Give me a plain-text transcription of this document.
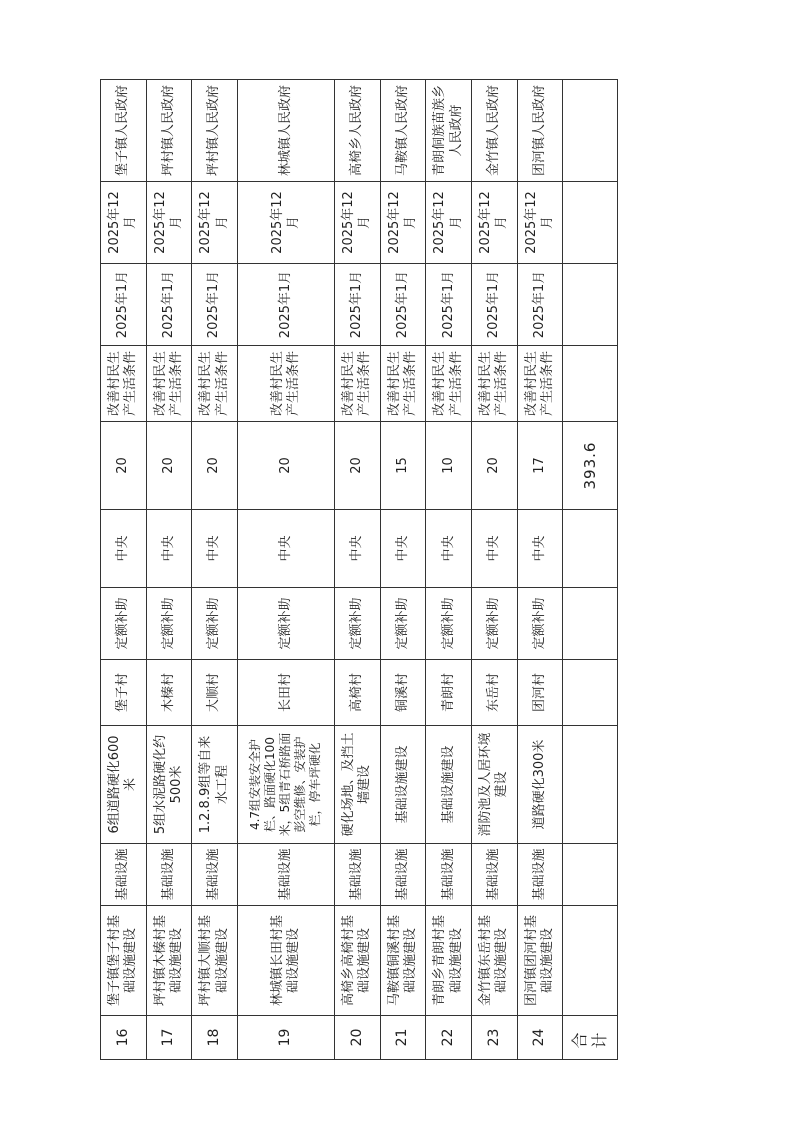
16	堡子镇堡子村基础设施建设	基础设施	6组道路硬化600米	堡子村	定额补助	中央	20	改善村民生产生活条件	2025年1月	2025年12月	堡子镇人民政府
17	坪村镇木榛村基础设施建设	基础设施	5组水泥路硬化约500米	木榛村	定额补助	中央	20	改善村民生产生活条件	2025年1月	2025年12月	坪村镇人民政府
18	坪村镇大顺村基础设施建设	基础设施	1.2.8.9组等自来水工程	大顺村	定额补助	中央	20	改善村民生产生活条件	2025年1月	2025年12月	坪村镇人民政府
19	林城镇长田村基础设施建设	基础设施	4.7组安装安全护栏、路面硬化100米，5组青石桥路面彭空维修、安装护栏，停车坪硬化	长田村	定额补助	中央	20	改善村民生产生活条件	2025年1月	2025年12月	林城镇人民政府
20	高椅乡高椅村基础设施建设	基础设施	硬化场地、及挡土墙建设	高椅村	定额补助	中央	20	改善村民生产生活条件	2025年1月	2025年12月	高椅乡人民政府
21	马鞍镇铜溪村基础设施建设	基础设施	基础设施建设	铜溪村	定额补助	中央	15	改善村民生产生活条件	2025年1月	2025年12月	马鞍镇人民政府
22	青朗乡青朗村基础设施建设	基础设施	基础设施建设	青朗村	定额补助	中央	10	改善村民生产生活条件	2025年1月	2025年12月	青朗侗族苗族乡人民政府
23	金竹镇东岳村基础设施建设	基础设施	消防池及人居环境建设	东岳村	定额补助	中央	20	改善村民生产生活条件	2025年1月	2025年12月	金竹镇人民政府
24	团河镇团河村基础设施建设	基础设施	道路硬化300米	团河村	定额补助	中央	17	改善村民生产生活条件	2025年1月	2025年12月	团河镇人民政府
合计							393.6				
